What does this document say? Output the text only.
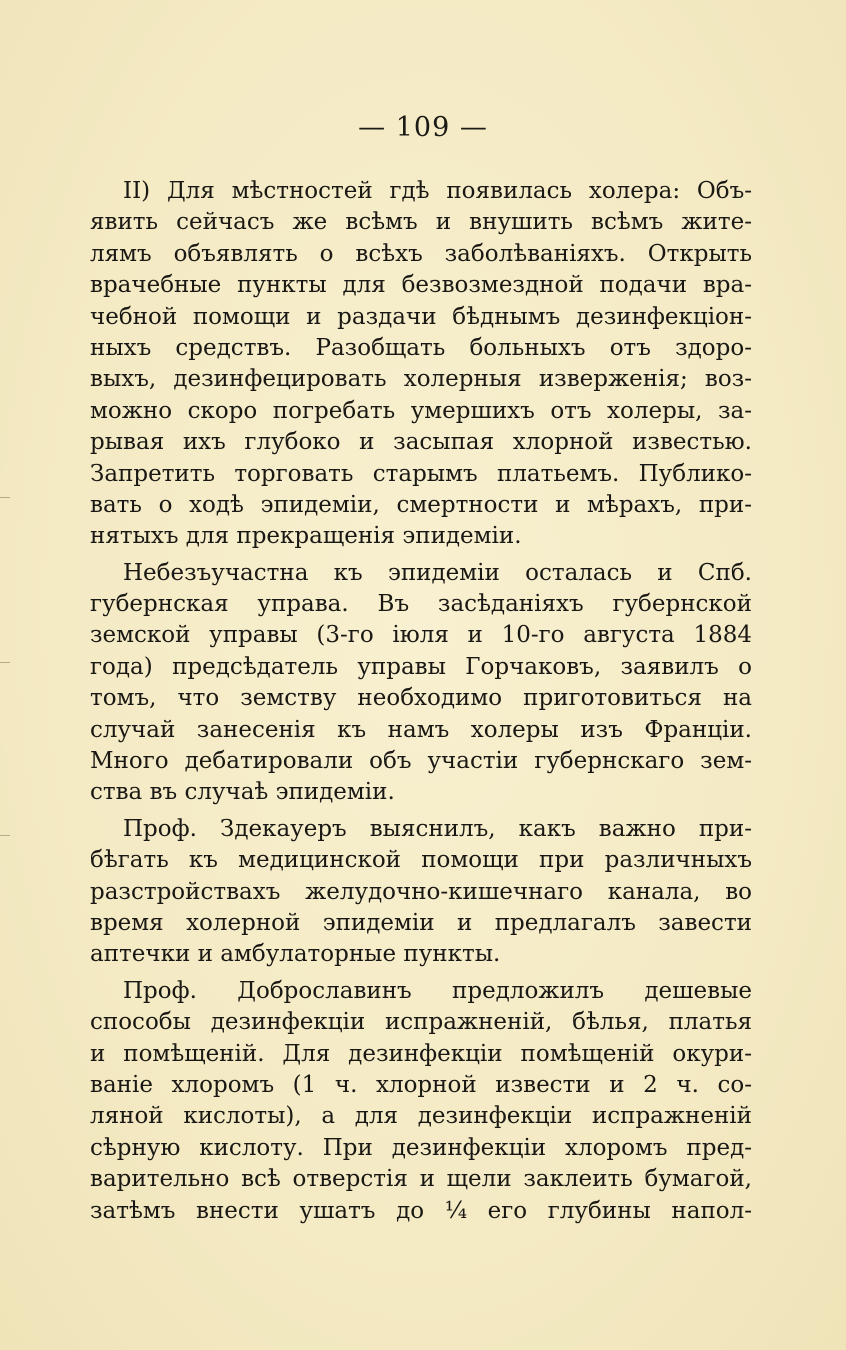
— 109 —
II) Для мѣстностей гдѣ появилась холера: Объ-
явить сейчасъ же всѣмъ и внушить всѣмъ жите-
лямъ объявлять о всѣхъ заболѣваніяхъ. Открыть
врачебные пункты для безвозмездной подачи вра-
чебной помощи и раздачи бѣднымъ дезинфекціон-
ныхъ средствъ. Разобщать больныхъ отъ здоро-
выхъ, дезинфецировать холерныя изверженія; воз-
можно скоро погребать умершихъ отъ холеры, за-
рывая ихъ глубоко и засыпая хлорной известью.
Запретить торговать старымъ платьемъ. Публико-
вать о ходѣ эпидеміи, смертности и мѣрахъ, при-
нятыхъ для прекращенія эпидеміи.
Небезъучастна къ эпидеміи осталась и Спб.
губернская управа. Въ засѣданіяхъ губернской
земской управы (3-го іюля и 10-го августа 1884
года) предсѣдатель управы Горчаковъ, заявилъ о
томъ, что земству необходимо приготовиться на
случай занесенія къ намъ холеры изъ Франціи.
Много дебатировали объ участіи губернскаго зем-
ства въ случаѣ эпидеміи.
Проф. Здекауеръ выяснилъ, какъ важно при-
бѣгать къ медицинской помощи при различныхъ
разстройствахъ желудочно-кишечнаго канала, во
время холерной эпидеміи и предлагалъ завести
аптечки и амбулаторные пункты.
Проф. Доброславинъ предложилъ дешевые
способы дезинфекціи испражненій, бѣлья, платья
и помѣщеній. Для дезинфекціи помѣщеній окури-
ваніе хлоромъ (1 ч. хлорной извести и 2 ч. со-
ляной кислоты), а для дезинфекціи испражненій
сѣрную кислоту. При дезинфекціи хлоромъ пред-
варительно всѣ отверстія и щели заклеить бумагой,
затѣмъ внести ушатъ до ¼ его глубины напол-
